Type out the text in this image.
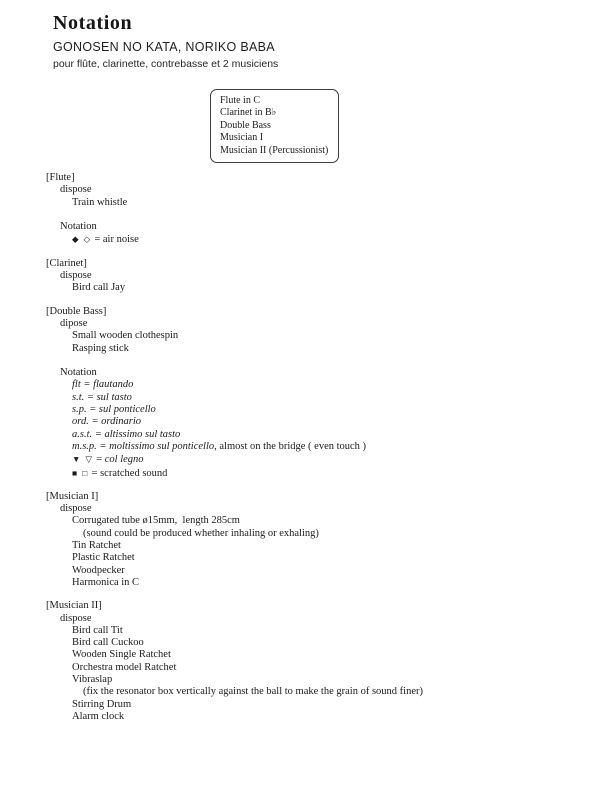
Notation
GONOSEN NO KATA, NORIKO BABA

pour flûte, clarinette, contrebasse et 2 musiciens

Flute in C
Clarinet in B♭
Double Bass
Musician I
Musician II (Percussionist)
[Flute]
dispose
Train whistle
Notation
◆ ◇ = air noise
[Clarinet]
dispose
Bird call Jay
[Double Bass]
dipose
Small wooden clothespin
Rasping stick
Notation
flt = flautando
s.t. = sul tasto
s.p. = sul ponticello
ord. = ordinario
a.s.t. = altissimo sul tasto
m.s.p. = moltissimo sul ponticello, almost on the bridge ( even touch )
▼ ▽ = col legno
■ □ = scratched sound
[Musician I]
dispose
Corrugated tube ø15mm,  length 285cm
(sound could be produced whether inhaling or exhaling)
Tin Ratchet
Plastic Ratchet
Woodpecker
Harmonica in C
[Musician II]
dispose
Bird call Tit
Bird call Cuckoo
Wooden Single Ratchet
Orchestra model Ratchet
Vibraslap
(fix the resonator box vertically against the ball to make the grain of sound finer)
Stirring Drum
Alarm clock
